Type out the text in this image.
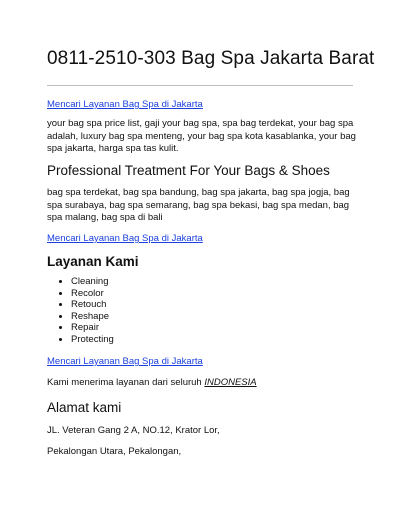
0811-2510-303 Bag Spa Jakarta Barat
Mencari Layanan Bag Spa di Jakarta

your bag spa price list, gaji your bag spa, spa bag terdekat, your bag spa adalah, luxury bag spa menteng, your bag spa kota kasablanka, your bag spa jakarta, harga spa tas kulit.

Professional Treatment For Your Bags & Shoes

bag spa terdekat, bag spa bandung, bag spa jakarta, bag spa jogja, bag spa surabaya, bag spa semarang, bag spa bekasi, bag spa medan, bag spa malang, bag spa di bali

Mencari Layanan Bag Spa di Jakarta
Layanan Kami
• Cleaning
• Recolor
• Retouch
• Reshape
• Repair
• Protecting
Mencari Layanan Bag Spa di Jakarta

Kami menerima layanan dari seluruh INDONESIA

Alamat kami

JL. Veteran Gang 2 A, NO.12, Krator Lor,

Pekalongan Utara, Pekalongan,
